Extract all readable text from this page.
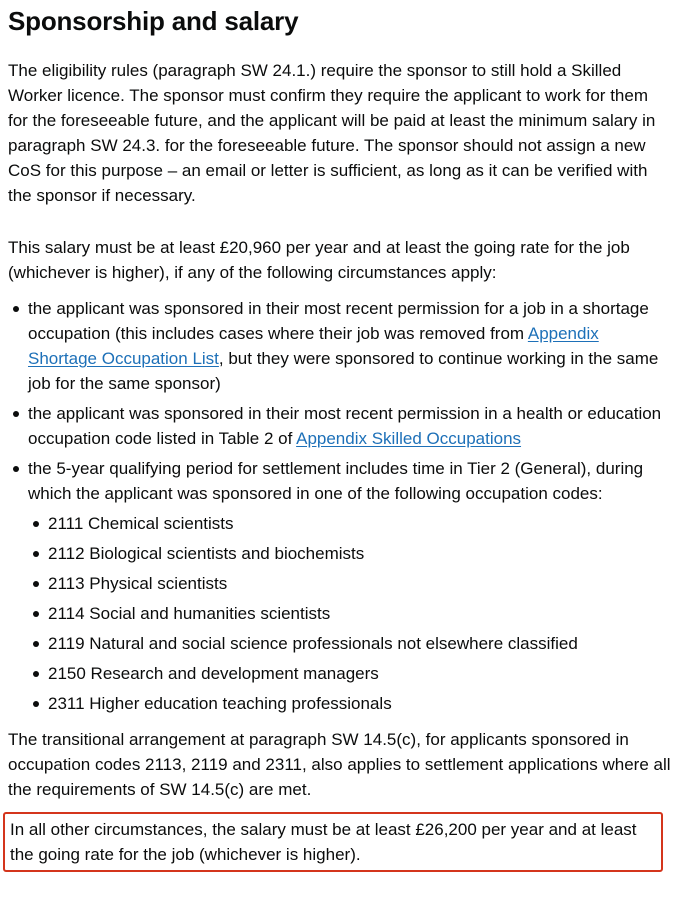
Sponsorship and salary

The eligibility rules (paragraph SW 24.1.) require the sponsor to still hold a Skilled Worker licence. The sponsor must confirm they require the applicant to work for them for the foreseeable future, and the applicant will be paid at least the minimum salary in paragraph SW 24.3. for the foreseeable future. The sponsor should not assign a new CoS for this purpose – an email or letter is sufficient, as long as it can be verified with the sponsor if necessary.

This salary must be at least £20,960 per year and at least the going rate for the job (whichever is higher), if any of the following circumstances apply:

the applicant was sponsored in their most recent permission for a job in a shortage occupation (this includes cases where their job was removed from Appendix Shortage Occupation List, but they were sponsored to continue working in the same job for the same sponsor)
the applicant was sponsored in their most recent permission in a health or education occupation code listed in Table 2 of Appendix Skilled Occupations
the 5-year qualifying period for settlement includes time in Tier 2 (General), during which the applicant was sponsored in one of the following occupation codes:
2111 Chemical scientists
2112 Biological scientists and biochemists
2113 Physical scientists
2114 Social and humanities scientists
2119 Natural and social science professionals not elsewhere classified
2150 Research and development managers
2311 Higher education teaching professionals

The transitional arrangement at paragraph SW 14.5(c), for applicants sponsored in occupation codes 2113, 2119 and 2311, also applies to settlement applications where all the requirements of SW 14.5(c) are met.

In all other circumstances, the salary must be at least £26,200 per year and at least the going rate for the job (whichever is higher).
